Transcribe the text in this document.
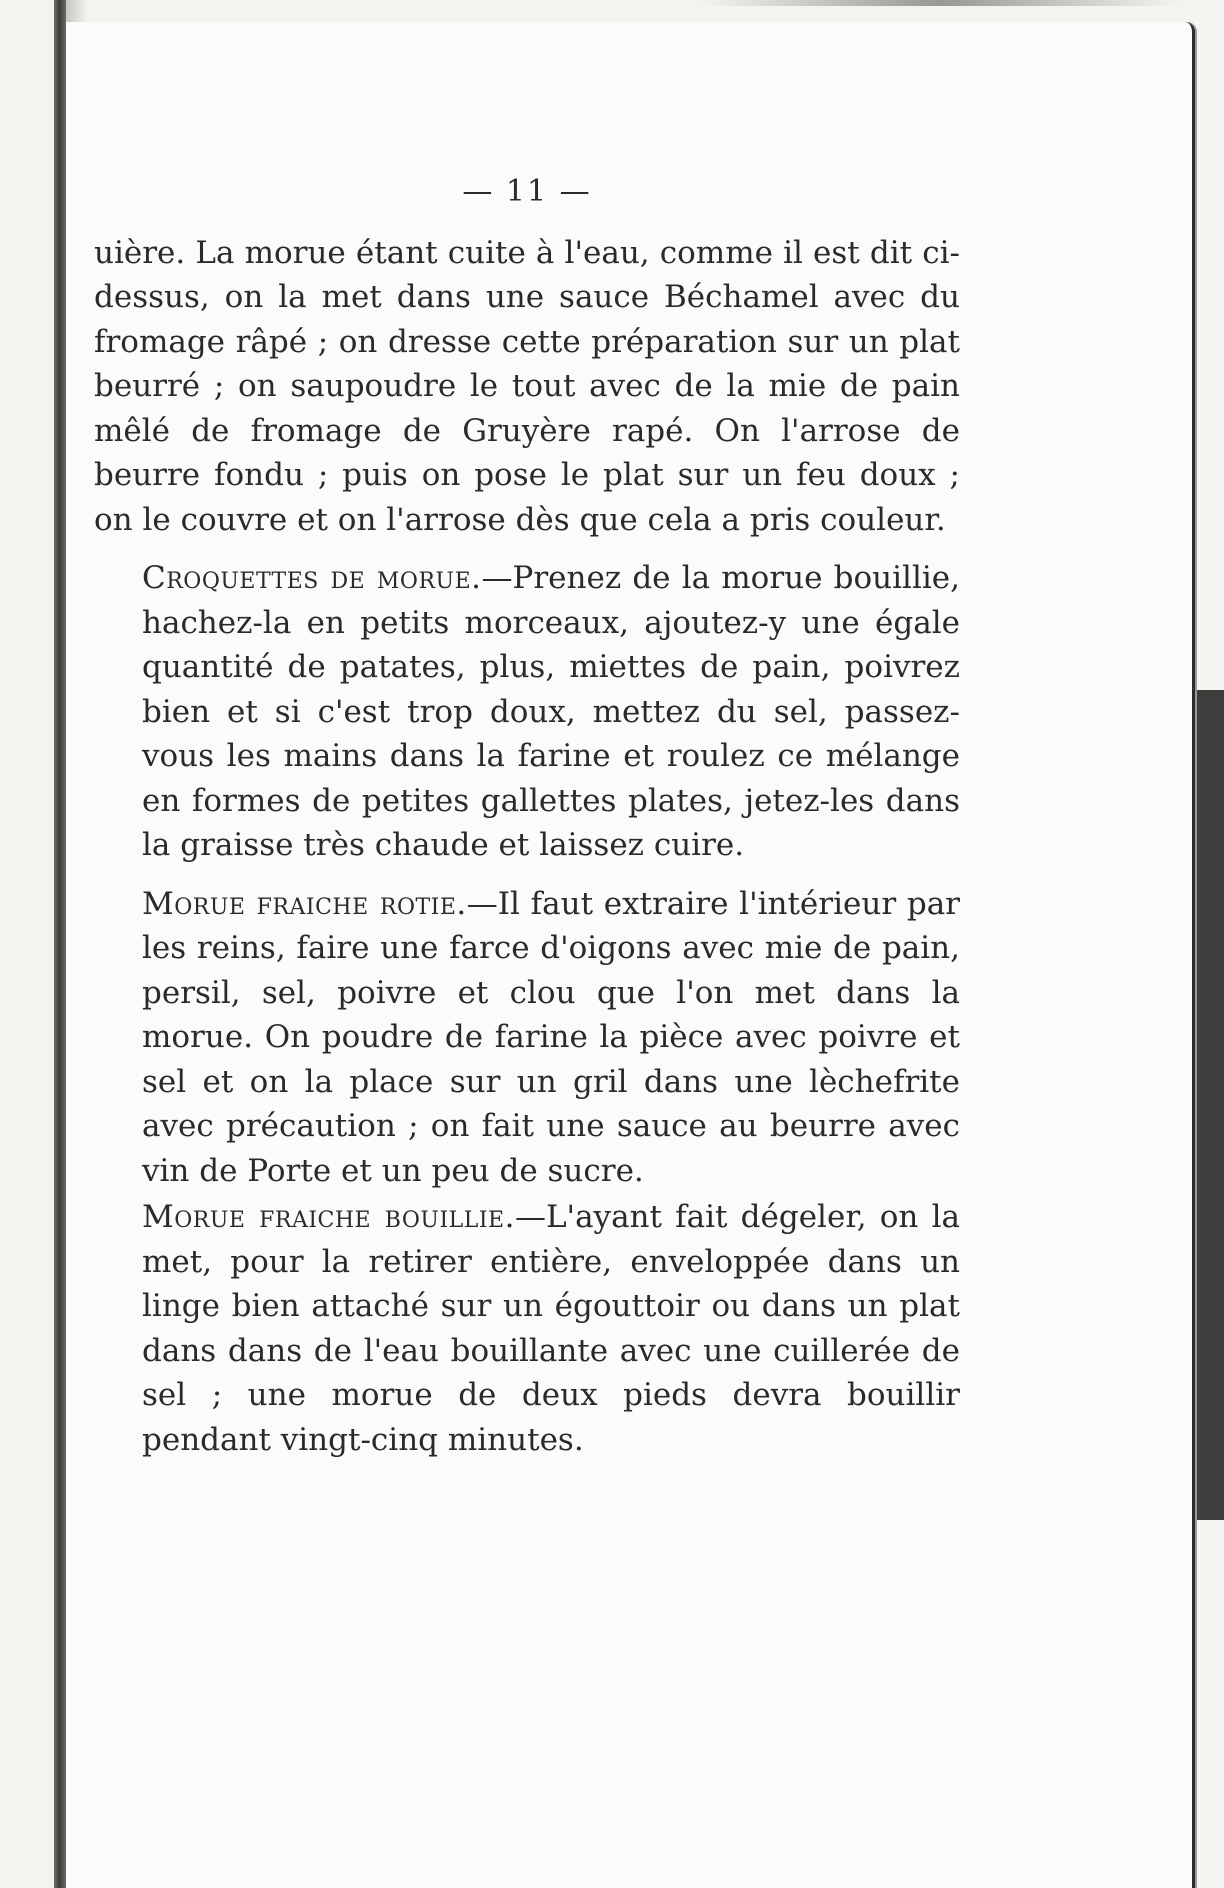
— 11 —

uière. La morue étant cuite à l'eau, comme il est dit ci-dessus, on la met dans une sauce Béchamel avec du fromage râpé ; on dresse cette préparation sur un plat beurré ; on saupoudre le tout avec de la mie de pain mêlé de fromage de Gruyère rapé. On l'arrose de beurre fondu ; puis on pose le plat sur un feu doux ; on le couvre et on l'arrose dès que cela a pris couleur.

Croquettes de morue.—Prenez de la morue bouillie, hachez-la en petits morceaux, ajoutez-y une égale quantité de patates, plus, miettes de pain, poivrez bien et si c'est trop doux, mettez du sel, passez-vous les mains dans la farine et roulez ce mélange en formes de petites gallettes plates, jetez-les dans la graisse très chaude et laissez cuire.

Morue fraiche rotie.—Il faut extraire l'intérieur par les reins, faire une farce d'oigons avec mie de pain, persil, sel, poivre et clou que l'on met dans la morue. On poudre de farine la pièce avec poivre et sel et on la place sur un gril dans une lèchefrite avec précaution ; on fait une sauce au beurre avec vin de Porte et un peu de sucre.

Morue fraiche bouillie.—L'ayant fait dégeler, on la met, pour la retirer entière, enveloppée dans un linge bien attaché sur un égouttoir ou dans un plat dans dans de l'eau bouillante avec une cuillerée de sel ; une morue de deux pieds devra bouillir pendant vingt-cinq minutes.
